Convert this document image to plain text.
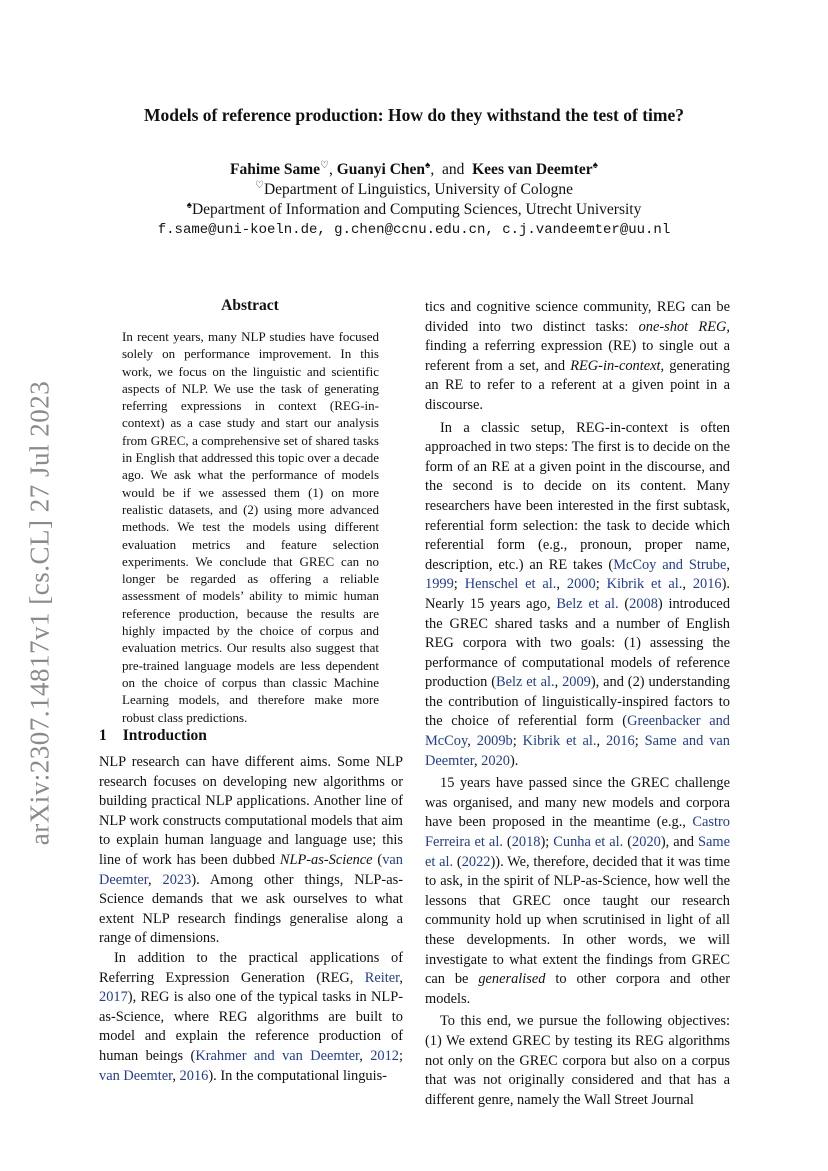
arXiv:2307.14817v1 [cs.CL] 27 Jul 2023
Models of reference production: How do they withstand the test of time?
Fahime Same♡, Guanyi Chen♠,  and Kees van Deemter♠
♡Department of Linguistics, University of Cologne
♠Department of Information and Computing Sciences, Utrecht University
f.same@uni-koeln.de, g.chen@ccnu.edu.cn, c.j.vandeemter@uu.nl
Abstract

In recent years, many NLP studies have focused solely on performance improvement. In this work, we focus on the linguistic and scientific aspects of NLP. We use the task of generating referring expressions in context (REG-in-context) as a case study and start our analysis from GREC, a comprehensive set of shared tasks in English that addressed this topic over a decade ago. We ask what the performance of models would be if we assessed them (1) on more realistic datasets, and (2) using more advanced methods. We test the models using different evaluation metrics and feature selection experiments. We conclude that GREC can no longer be regarded as offering a reliable assessment of models’ ability to mimic human reference production, because the results are highly impacted by the choice of corpus and evaluation metrics. Our results also suggest that pre-trained language models are less dependent on the choice of corpus than classic Machine Learning models, and therefore make more robust class predictions.

1 Introduction

NLP research can have different aims. Some NLP research focuses on developing new algorithms or building practical NLP applications. Another line of NLP work constructs computational models that aim to explain human language and language use; this line of work has been dubbed NLP-as-Science (van Deemter, 2023). Among other things, NLP-as-Science demands that we ask ourselves to what extent NLP research findings generalise along a range of dimensions.

In addition to the practical applications of Referring Expression Generation (REG, Reiter, 2017), REG is also one of the typical tasks in NLP-as-Science, where REG algorithms are built to model and explain the reference production of human beings (Krahmer and van Deemter, 2012; van Deemter, 2016). In the computational linguis-

tics and cognitive science community, REG can be divided into two distinct tasks: one-shot REG, finding a referring expression (RE) to single out a referent from a set, and REG-in-context, generating an RE to refer to a referent at a given point in a discourse.

In a classic setup, REG-in-context is often approached in two steps: The first is to decide on the form of an RE at a given point in the discourse, and the second is to decide on its content. Many researchers have been interested in the first subtask, referential form selection: the task to decide which referential form (e.g., pronoun, proper name, description, etc.) an RE takes (McCoy and Strube, 1999; Henschel et al., 2000; Kibrik et al., 2016). Nearly 15 years ago, Belz et al. (2008) introduced the GREC shared tasks and a number of English REG corpora with two goals: (1) assessing the performance of computational models of reference production (Belz et al., 2009), and (2) understanding the contribution of linguistically-inspired factors to the choice of referential form (Greenbacker and McCoy, 2009b; Kibrik et al., 2016; Same and van Deemter, 2020).

15 years have passed since the GREC challenge was organised, and many new models and corpora have been proposed in the meantime (e.g., Castro Ferreira et al. (2018); Cunha et al. (2020), and Same et al. (2022)). We, therefore, decided that it was time to ask, in the spirit of NLP-as-Science, how well the lessons that GREC once taught our research community hold up when scrutinised in light of all these developments. In other words, we will investigate to what extent the findings from GREC can be generalised to other corpora and other models.

To this end, we pursue the following objectives: (1) We extend GREC by testing its REG algorithms not only on the GREC corpora but also on a corpus that was not originally considered and that has a different genre, namely the Wall Street Journal
